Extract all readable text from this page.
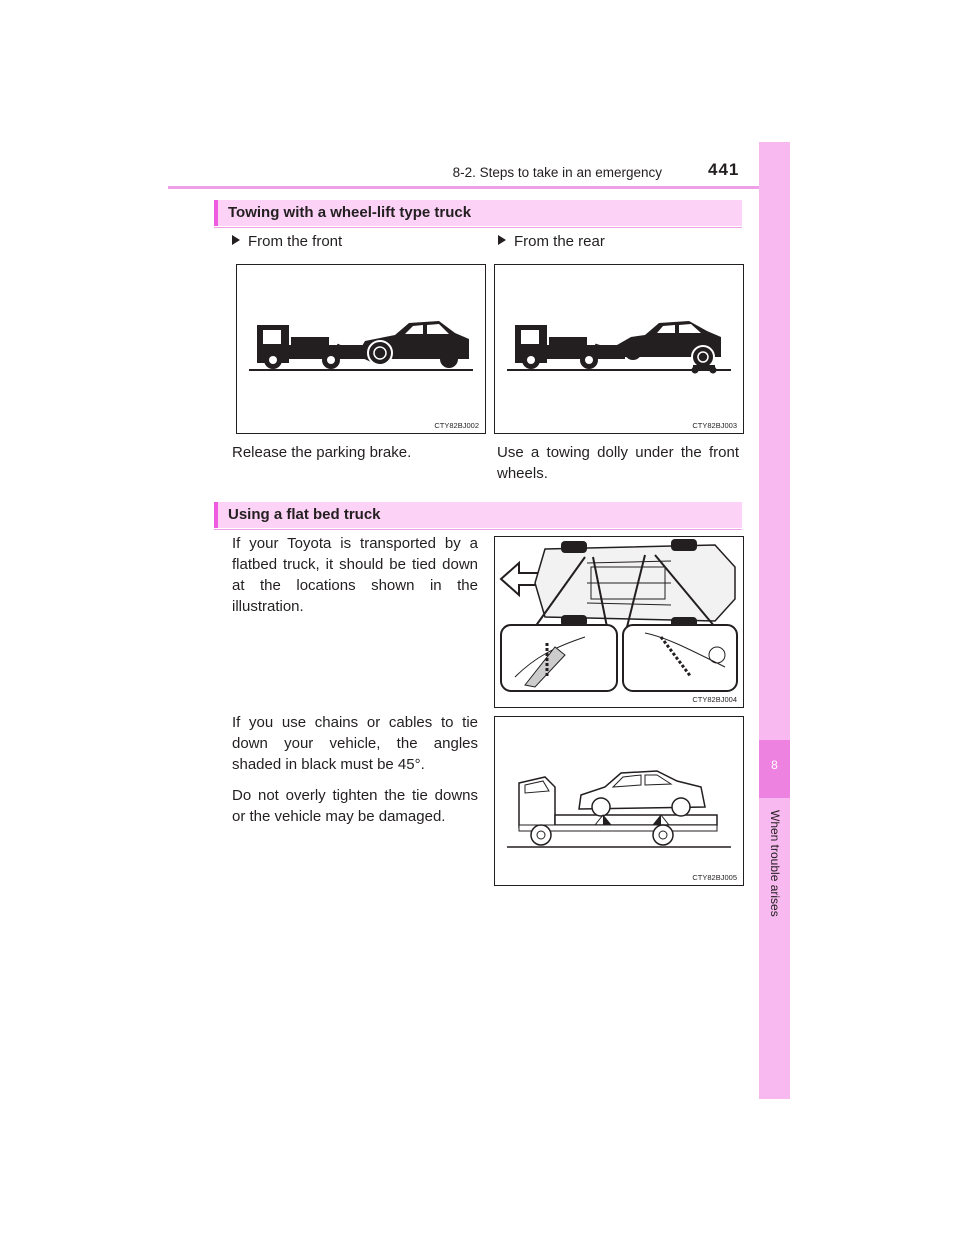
8-2. Steps to take in an emergency	441
8
When trouble arises
Towing with a wheel-lift type truck
From the front	From the rear
CTY82BJ002	CTY82BJ003
Release the parking brake.	Use a towing dolly under the front wheels.
Using a flat bed truck
If your Toyota is transported by a flatbed truck, it should be tied down at the locations shown in the illustration.
CTY82BJ004
If you use chains or cables to tie down your vehicle, the angles shaded in black must be 45°.
Do not overly tighten the tie downs or the vehicle may be damaged.
CTY82BJ005
